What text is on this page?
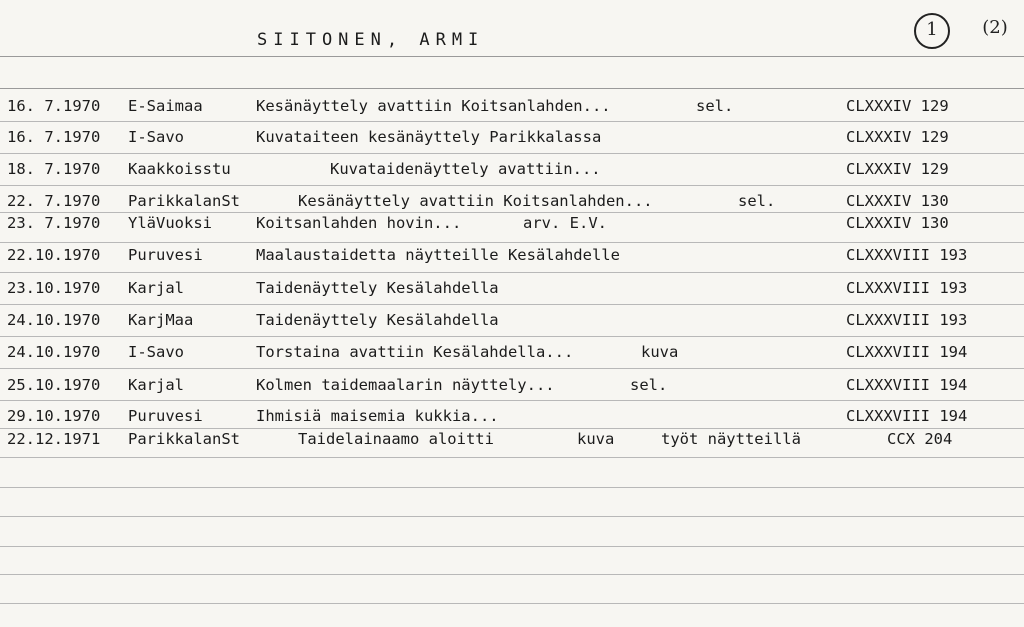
SIITONEN, ARMI	1	(2)
16. 7.1970 E-Saimaa	Kesänäyttely avattiin Koitsanlahden...	sel.	CLXXXIV 129
16. 7.1970 I-Savo	Kuvataiteen kesänäyttely Parikkalassa	CLXXXIV 129
18. 7.1970 Kaakkoisstu	Kuvataidenäyttely avattiin...	CLXXXIV 129
22. 7.1970 ParikkalanSt	Kesänäyttely avattiin Koitsanlahden...	sel.	CLXXXIV 130
23. 7.1970 YläVuoksi	Koitsanlahden hovin...	arv. E.V.	CLXXXIV 130
22.10.1970 Puruvesi	Maalaustaidetta näytteille Kesälahdelle	CLXXXVIII 193
23.10.1970 Karjal	Taidenäyttely Kesälahdella	CLXXXVIII 193
24.10.1970 KarjMaa	Taidenäyttely Kesälahdella	CLXXXVIII 193
24.10.1970 I-Savo	Torstaina avattiin Kesälahdella...	kuva	CLXXXVIII 194
25.10.1970 Karjal	Kolmen taidemaalarin näyttely...	sel.	CLXXXVIII 194
29.10.1970 Puruvesi	Ihmisiä maisemia kukkia...	CLXXXVIII 194
22.12.1971 ParikkalanSt	Taidelainaamo aloitti	kuva     työt näytteillä	CCX 204
